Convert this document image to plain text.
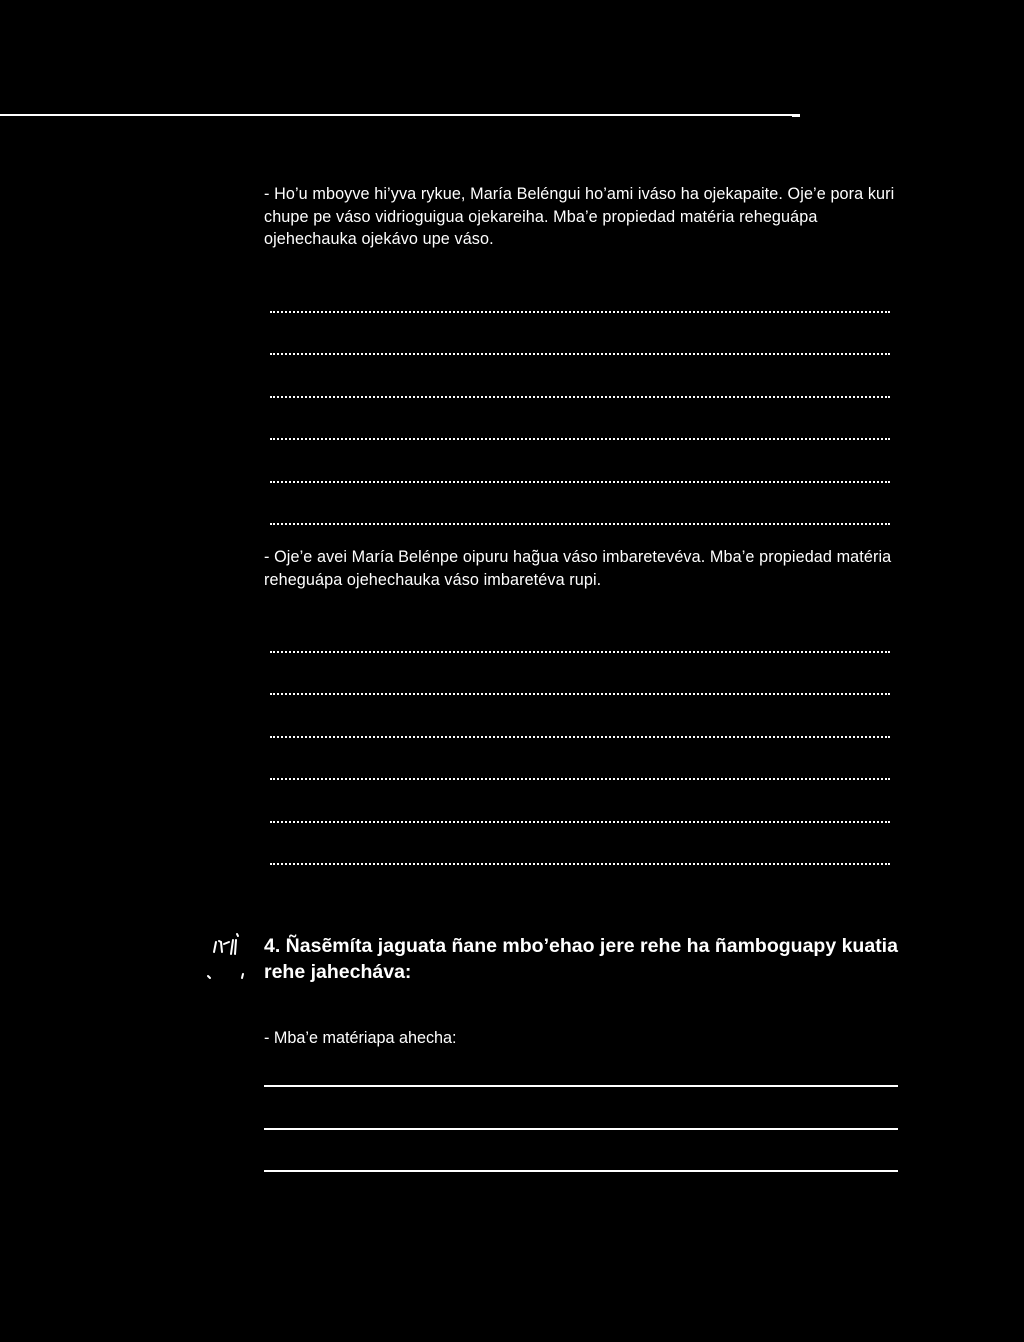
- Ho’u mboyve hi’yva rykue, María Beléngui ho’ami iváso ha ojekapaite. Oje’e pora kuri chupe pe váso vidrioguigua ojekareiha. Mba’e propiedad matéria reheguápa ojehechauka ojekávo upe váso.

- Oje’e avei María Belénpe oipuru hag̃ua váso imbaretevéva. Mba’e propiedad matéria reheguápa ojehechauka váso imbaretéva rupi.

4. Ñasẽmíta jaguata ñane mbo’ehao jere rehe ha ñamboguapy kuatia rehe jahecháva:

- Mba’e matériapa ahecha:
